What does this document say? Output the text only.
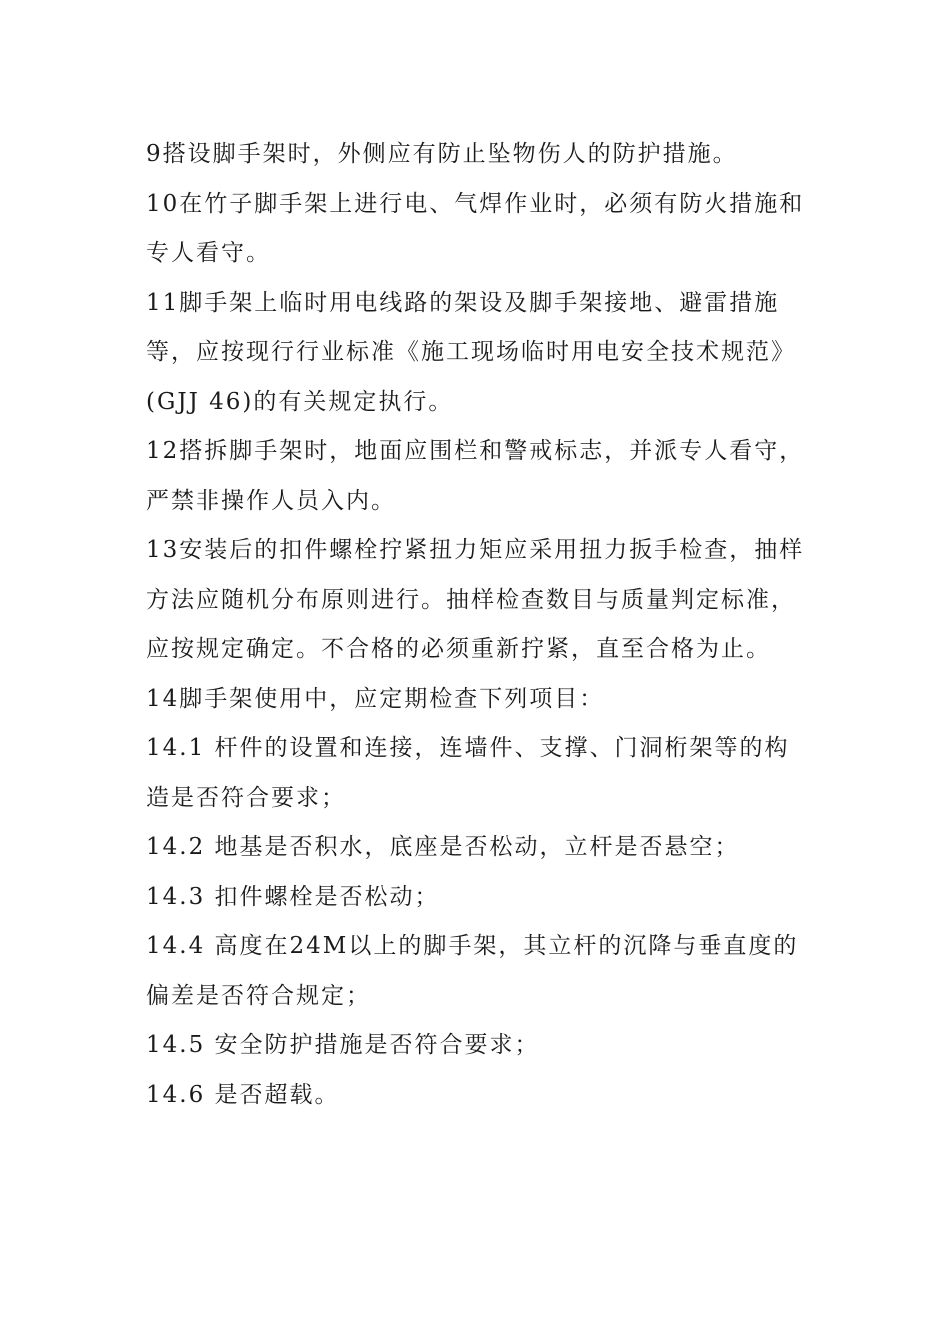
9搭设脚手架时，外侧应有防止坠物伤人的防护措施。

10在竹子脚手架上进行电、气焊作业时，必须有防火措施和专人看守。

11脚手架上临时用电线路的架设及脚手架接地、避雷措施等，应按现行行业标准《施工现场临时用电安全技术规范》(GJJ 46)的有关规定执行。

12搭拆脚手架时，地面应围栏和警戒标志，并派专人看守，严禁非操作人员入内。

13安装后的扣件螺栓拧紧扭力矩应采用扭力扳手检查，抽样方法应随机分布原则进行。抽样检查数目与质量判定标准，应按规定确定。不合格的必须重新拧紧，直至合格为止。

14脚手架使用中，应定期检查下列项目：

14.1 杆件的设置和连接，连墙件、支撑、门洞桁架等的构造是否符合要求；

14.2 地基是否积水，底座是否松动，立杆是否悬空；

14.3 扣件螺栓是否松动；

14.4 高度在24M以上的脚手架，其立杆的沉降与垂直度的偏差是否符合规定；

14.5 安全防护措施是否符合要求；

14.6 是否超载。
